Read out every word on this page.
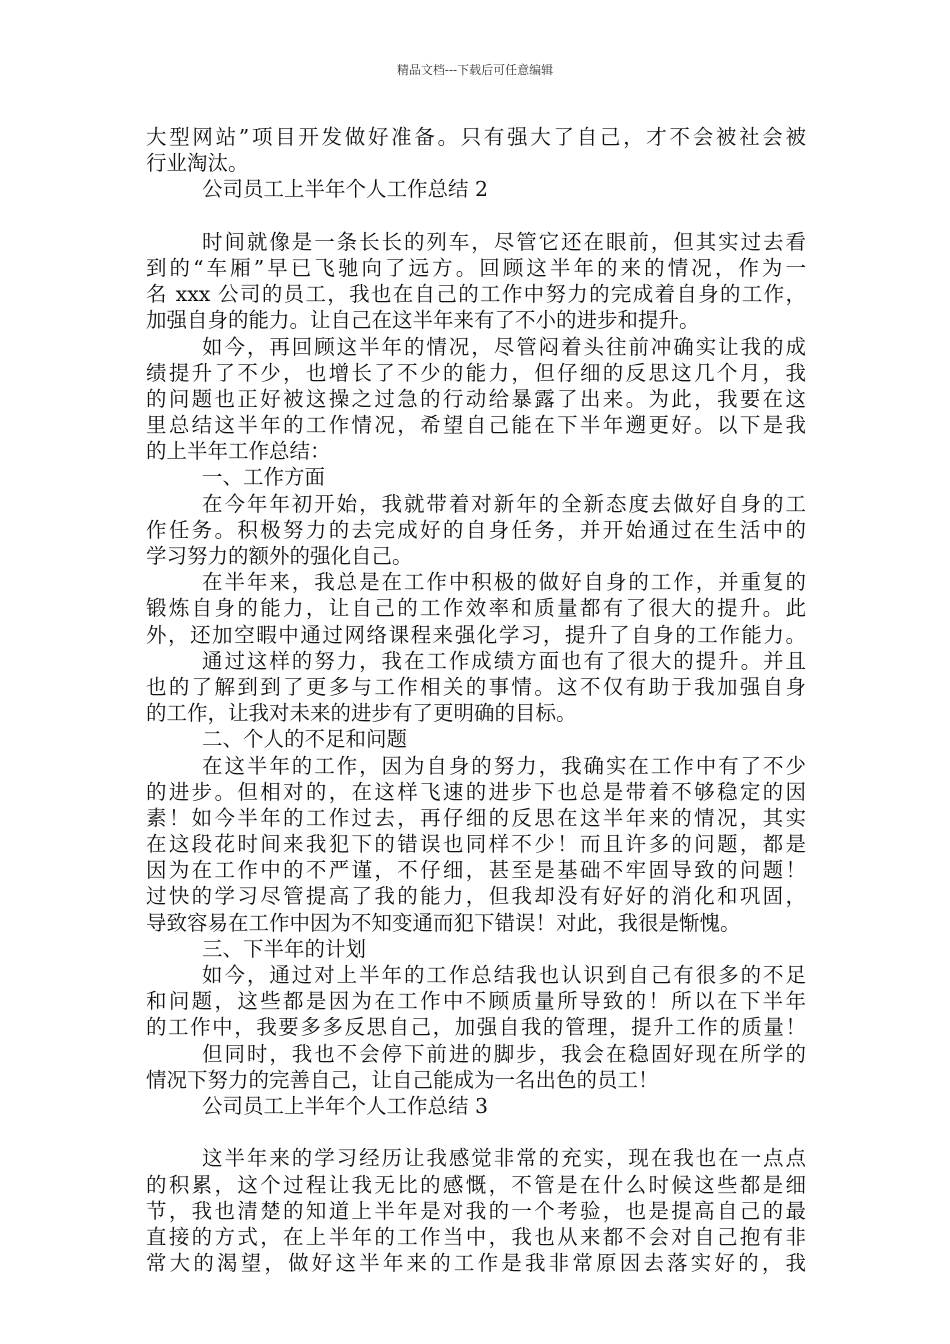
精品文档---下载后可任意编辑
大型网站”项目开发做好准备。只有强大了自己，才不会被社会被
行业淘汰。
公司员工上半年个人工作总结 2
时间就像是一条长长的列车，尽管它还在眼前，但其实过去看
到的“车厢”早已飞驰向了远方。回顾这半年的来的情况，作为一
名 xxx 公司的员工，我也在自己的工作中努力的完成着自身的工作，
加强自身的能力。让自己在这半年来有了不小的进步和提升。
如今，再回顾这半年的情况，尽管闷着头往前冲确实让我的成
绩提升了不少，也增长了不少的能力，但仔细的反思这几个月，我
的问题也正好被这操之过急的行动给暴露了出来。为此，我要在这
里总结这半年的工作情况，希望自己能在下半年遡更好。以下是我
的上半年工作总结：
一、工作方面
在今年年初开始，我就带着对新年的全新态度去做好自身的工
作任务。积极努力的去完成好的自身任务，并开始通过在生活中的
学习努力的额外的强化自己。
在半年来，我总是在工作中积极的做好自身的工作，并重复的
锻炼自身的能力，让自己的工作效率和质量都有了很大的提升。此
外，还加空暇中通过网络课程来强化学习，提升了自身的工作能力。
通过这样的努力，我在工作成绩方面也有了很大的提升。并且
也的了解到到了更多与工作相关的事情。这不仅有助于我加强自身
的工作，让我对未来的进步有了更明确的目标。
二、个人的不足和问题
在这半年的工作，因为自身的努力，我确实在工作中有了不少
的进步。但相对的，在这样飞速的进步下也总是带着不够稳定的因
素！如今半年的工作过去，再仔细的反思在这半年来的情况，其实
在这段花时间来我犯下的错误也同样不少！而且许多的问题，都是
因为在工作中的不严谨，不仔细，甚至是基础不牢固导致的问题！
过快的学习尽管提高了我的能力，但我却没有好好的消化和巩固，
导致容易在工作中因为不知变通而犯下错误！对此，我很是惭愧。
三、下半年的计划
如今，通过对上半年的工作总结我也认识到自己有很多的不足
和问题，这些都是因为在工作中不顾质量所导致的！所以在下半年
的工作中，我要多多反思自己，加强自我的管理，提升工作的质量！
但同时，我也不会停下前进的脚步，我会在稳固好现在所学的
情况下努力的完善自己，让自己能成为一名出色的员工！
公司员工上半年个人工作总结 3
这半年来的学习经历让我感觉非常的充实，现在我也在一点点
的积累，这个过程让我无比的感慨，不管是在什么时候这些都是细
节，我也清楚的知道上半年是对我的一个考验，也是提高自己的最
直接的方式，在上半年的工作当中，我也从来都不会对自己抱有非
常大的渴望，做好这半年来的工作是我非常原因去落实好的，我
